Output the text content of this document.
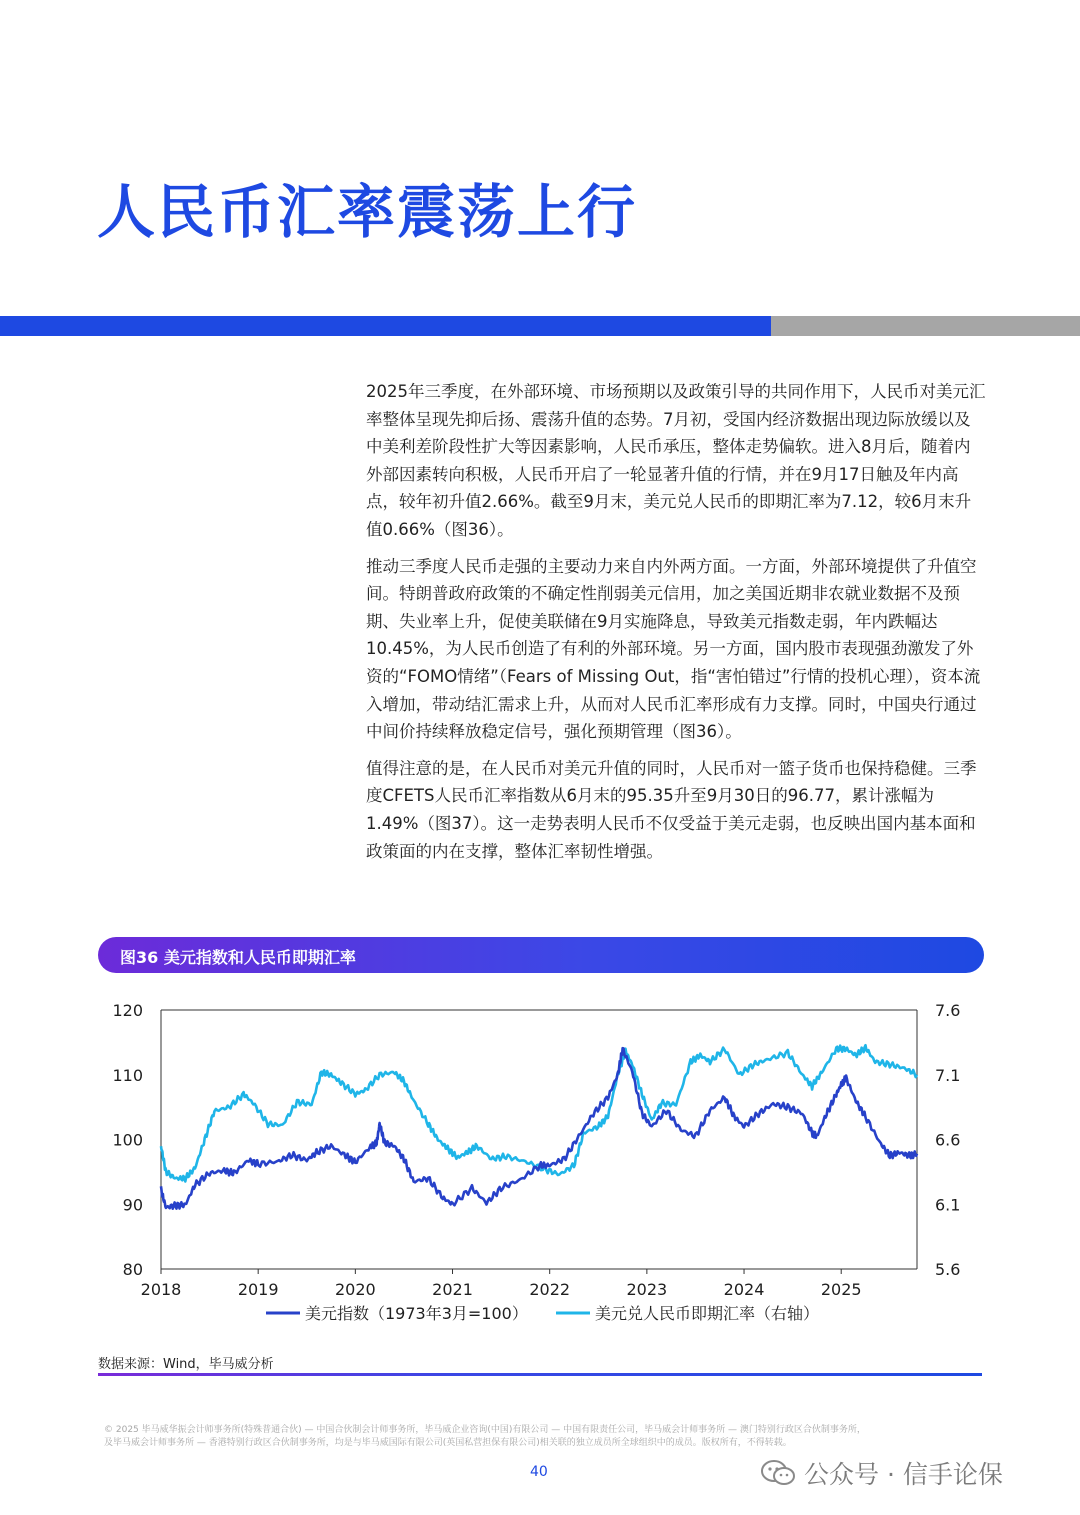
人民币汇率震荡上行

2025年三季度，在外部环境、市场预期以及政策引导的共同作用下，人民币对美元汇率整体呈现先抑后扬、震荡升值的态势。7月初，受国内经济数据出现边际放缓以及中美利差阶段性扩大等因素影响，人民币承压，整体走势偏软。进入8月后，随着内外部因素转向积极，人民币开启了一轮显著升值的行情，并在9月17日触及年内高点，较年初升值2.66%。截至9月末，美元兑人民币的即期汇率为7.12，较6月末升值0.66%（图36）。

推动三季度人民币走强的主要动力来自内外两方面。一方面，外部环境提供了升值空间。特朗普政府政策的不确定性削弱美元信用，加之美国近期非农就业数据不及预期、失业率上升，促使美联储在9月实施降息，导致美元指数走弱，年内跌幅达10.45%，为人民币创造了有利的外部环境。另一方面，国内股市表现强劲激发了外资的“FOMO情绪”（Fears of Missing Out，指“害怕错过”行情的投机心理），资本流入增加，带动结汇需求上升，从而对人民币汇率形成有力支撑。同时，中国央行通过中间价持续释放稳定信号，强化预期管理（图36）。

值得注意的是，在人民币对美元升值的同时，人民币对一篮子货币也保持稳健。三季度CFETS人民币汇率指数从6月末的95.35升至9月30日的96.77，累计涨幅为1.49%（图37）。这一走势表明人民币不仅受益于美元走弱，也反映出国内基本面和政策面的内在支撑，整体汇率韧性增强。

图36 美元指数和人民币即期汇率
120
110
100
90
80
7.6
7.1
6.6
6.1
5.6
2018	2019	2020	2021	2022	2023	2024	2025
美元指数（1973年3月=100）	美元兑人民币即期汇率（右轴）
数据来源：Wind，毕马威分析
© 2025 毕马威华振会计师事务所(特殊普通合伙) — 中国合伙制会计师事务所，毕马威企业咨询(中国)有限公司 — 中国有限责任公司，毕马威会计师事务所 — 澳门特别行政区合伙制事务所，
及毕马威会计师事务所 — 香港特别行政区合伙制事务所，均是与毕马威国际有限公司(英国私营担保有限公司)相关联的独立成员所全球组织中的成员。版权所有，不得转载。
40	公众号 · 信手论保
